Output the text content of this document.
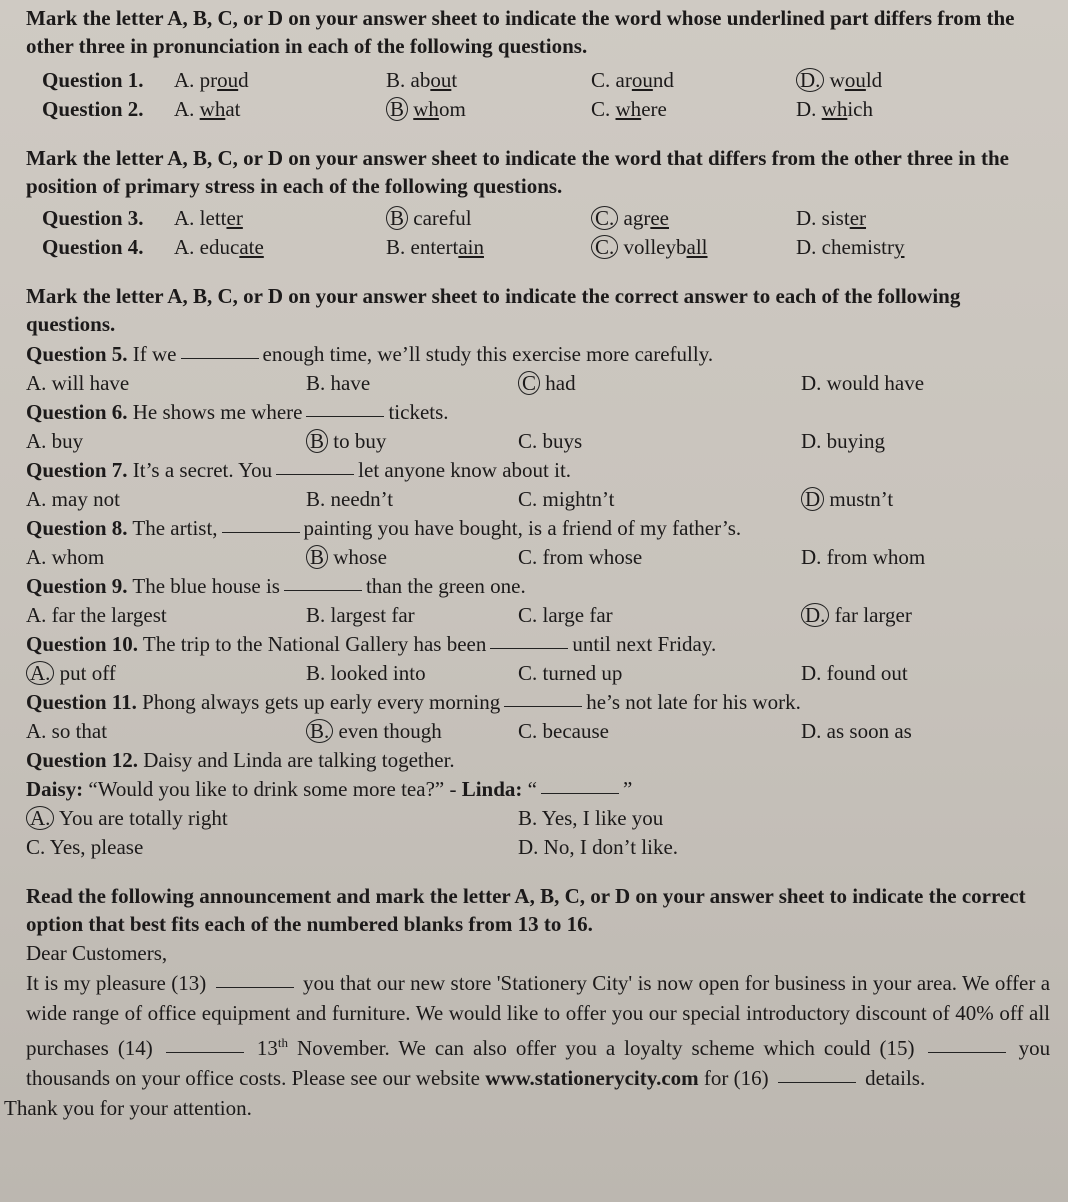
Mark the letter A, B, C, or D on your answer sheet to indicate the word whose underlined part differs from the other three in pronunciation in each of the following questions.

Question 1. A. proud	B. about	C. around	D. would
Question 2. A. what	B whom	C. where	D. which

Mark the letter A, B, C, or D on your answer sheet to indicate the word that differs from the other three in the position of primary stress in each of the following questions.

Question 3. A. letter	B careful	C. agree	D. sister
Question 4. A. educate	B. entertain	C. volleyball	D. chemistry

Mark the letter A, B, C, or D on your answer sheet to indicate the correct answer to each of the following questions.

Question 5. If we	enough time, we’ll study this exercise more carefully.
A. will have	B. have	C had	D. would have
Question 6. He shows me where	tickets.
A. buy	B to buy	C. buys	D. buying
Question 7. It’s a secret. You	let anyone know about it.
A. may not	B. needn’t	C. mightn’t	D mustn’t
Question 8. The artist,	painting you have bought, is a friend of my father’s.
A. whom	B whose	C. from whose	D. from whom
Question 9. The blue house is	than the green one.
A. far the largest	B. largest far	C. large far	D. far larger
Question 10. The trip to the National Gallery has been	until next Friday.
A. put off	B. looked into	C. turned up	D. found out
Question 11. Phong always gets up early every morning	he’s not late for his work.
A. so that	B. even though	C. because	D. as soon as
Question 12. Daisy and Linda are talking together.
Daisy: “Would you like to drink some more tea?” - Linda: “	”
A. You are totally right	B. Yes, I like you
C. Yes, please	D. No, I don’t like.

Read the following announcement and mark the letter A, B, C, or D on your answer sheet to indicate the correct option that best fits each of the numbered blanks from 13 to 16.

Dear Customers,

It is my pleasure (13)	you that our new store 'Stationery City' is now open for business in your area. We offer a wide range of office equipment and furniture. We would like to offer you our special introductory discount of 40% off all purchases (14)	13th November. We can also offer you a loyalty scheme which could (15)	you thousands on your office costs. Please see our website www.stationerycity.com for (16)	details.

Thank you for your attention.
